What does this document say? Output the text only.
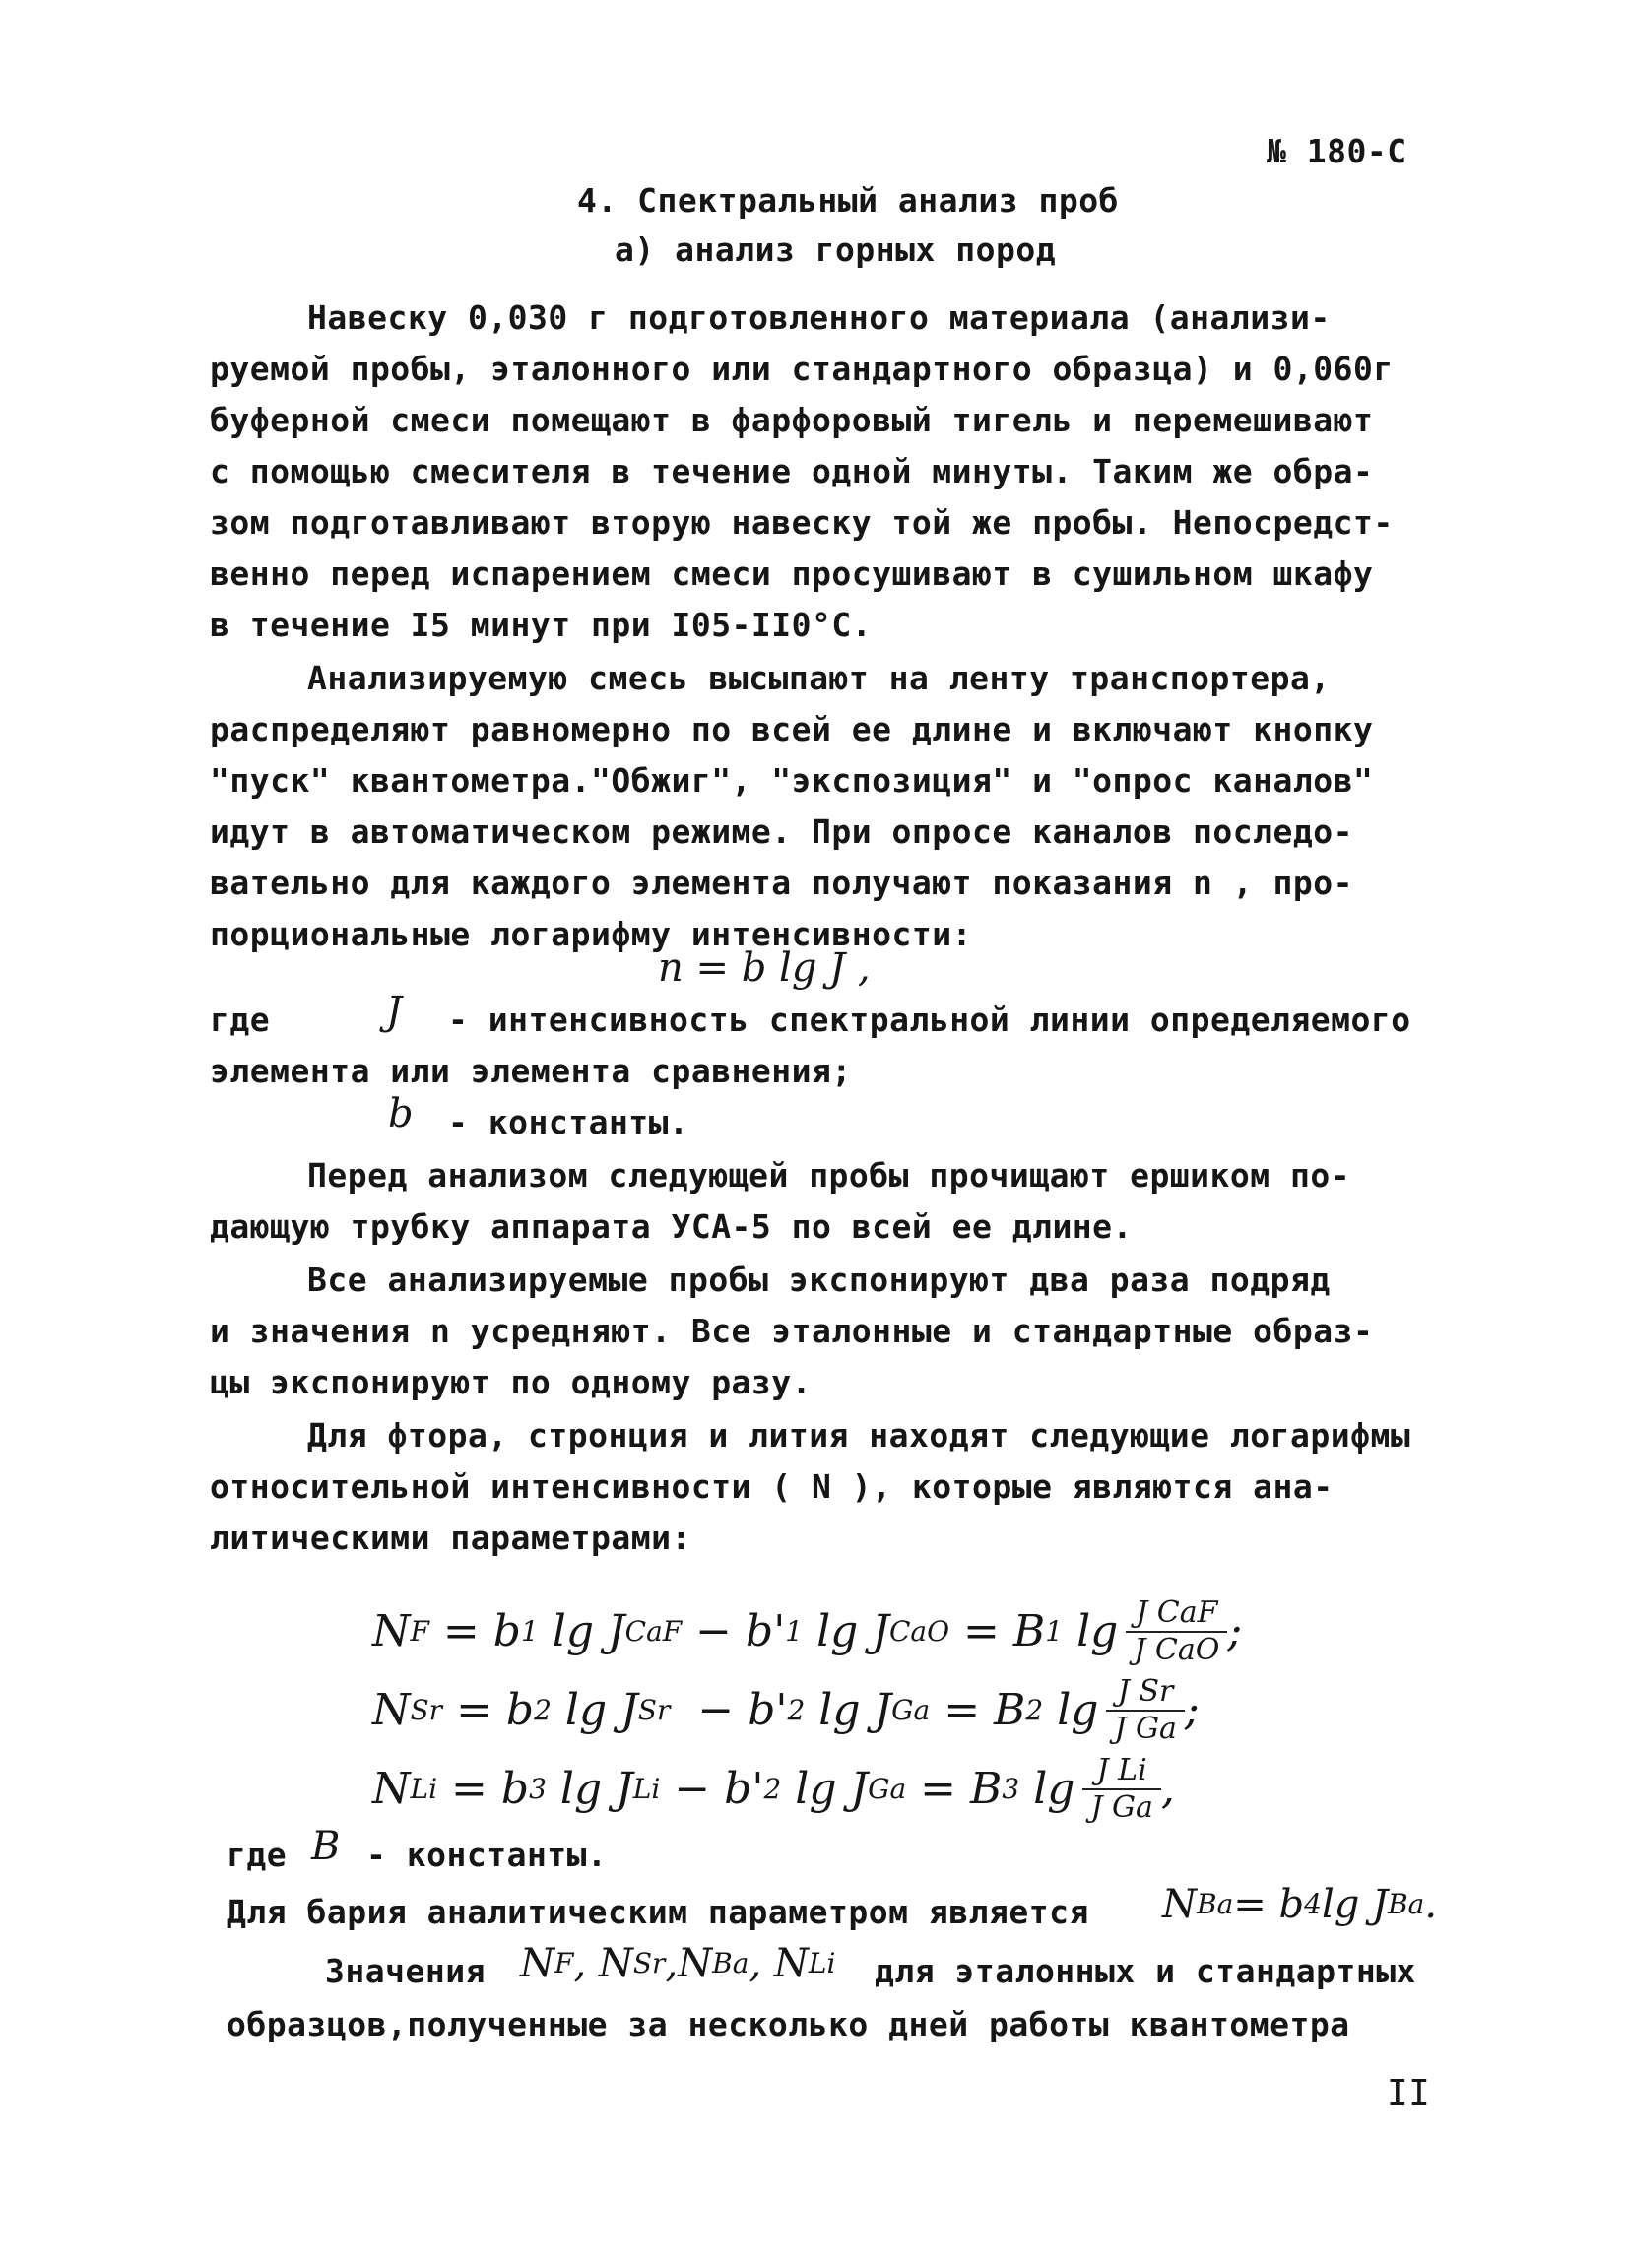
№ 180-С
4. Спектральный анализ проб
а) анализ горных пород
Навеску 0,030 г подготовленного материала (анализи-
руемой пробы, эталонного или стандартного образца) и 0,060г
буферной смеси помещают в фарфоровый тигель и перемешивают
с помощью смесителя в течение одной минуты. Таким же обра-
зом подготавливают вторую навеску той же пробы. Непосредст-
венно перед испарением смеси просушивают в сушильном шкафу
в течение I5 минут при I05-II0°С.
Анализируемую смесь высыпают на ленту транспортера,
распределяют равномерно по всей ее длине и включают кнопку
"пуск" квантометра."Обжиг", "экспозиция" и "опрос каналов"
идут в автоматическом режиме. При опросе каналов последо-
вательно для каждого элемента получают показания n , про-
порциональные логарифму интенсивности:
n = b lg J ,
где	J - интенсивность спектральной линии определяемого
элемента или элемента сравнения;
b - константы.
Перед анализом следующей пробы прочищают ершиком по-
дающую трубку аппарата УСА-5 по всей ее длине.
Все анализируемые пробы экспонируют два раза подряд
и значения n усредняют. Все эталонные и стандартные образ-
цы экспонируют по одному разу.
Для фтора, стронция и лития находят следующие логарифмы
относительной интенсивности ( N ), которые являются ана-
литическими параметрами:
N F = b 1 lg J CaF − b' 1 lg J CaO = B 1 $\lg \frac{\text{J CaF}}{\text{J CaO}}$ ;
N Sr = b 2 lg J Sr − b' 2 lg J Ga = B 2 $\lg \frac{\text{J Sr}}{\text{J Ga}}$ ;
N Li = b 3 lg J Li − b' 2 lg J Ga = B 3 $\lg \frac{\text{J Li}}{\text{J Ga}}$ ,
где B - константы.
Для бария аналитическим параметром является N Ba = b 4 lg J Ba .
Значения N F , N Sr , N Ba , N Li для эталонных и стандартных
образцов,полученные за несколько дней работы квантометра
II
